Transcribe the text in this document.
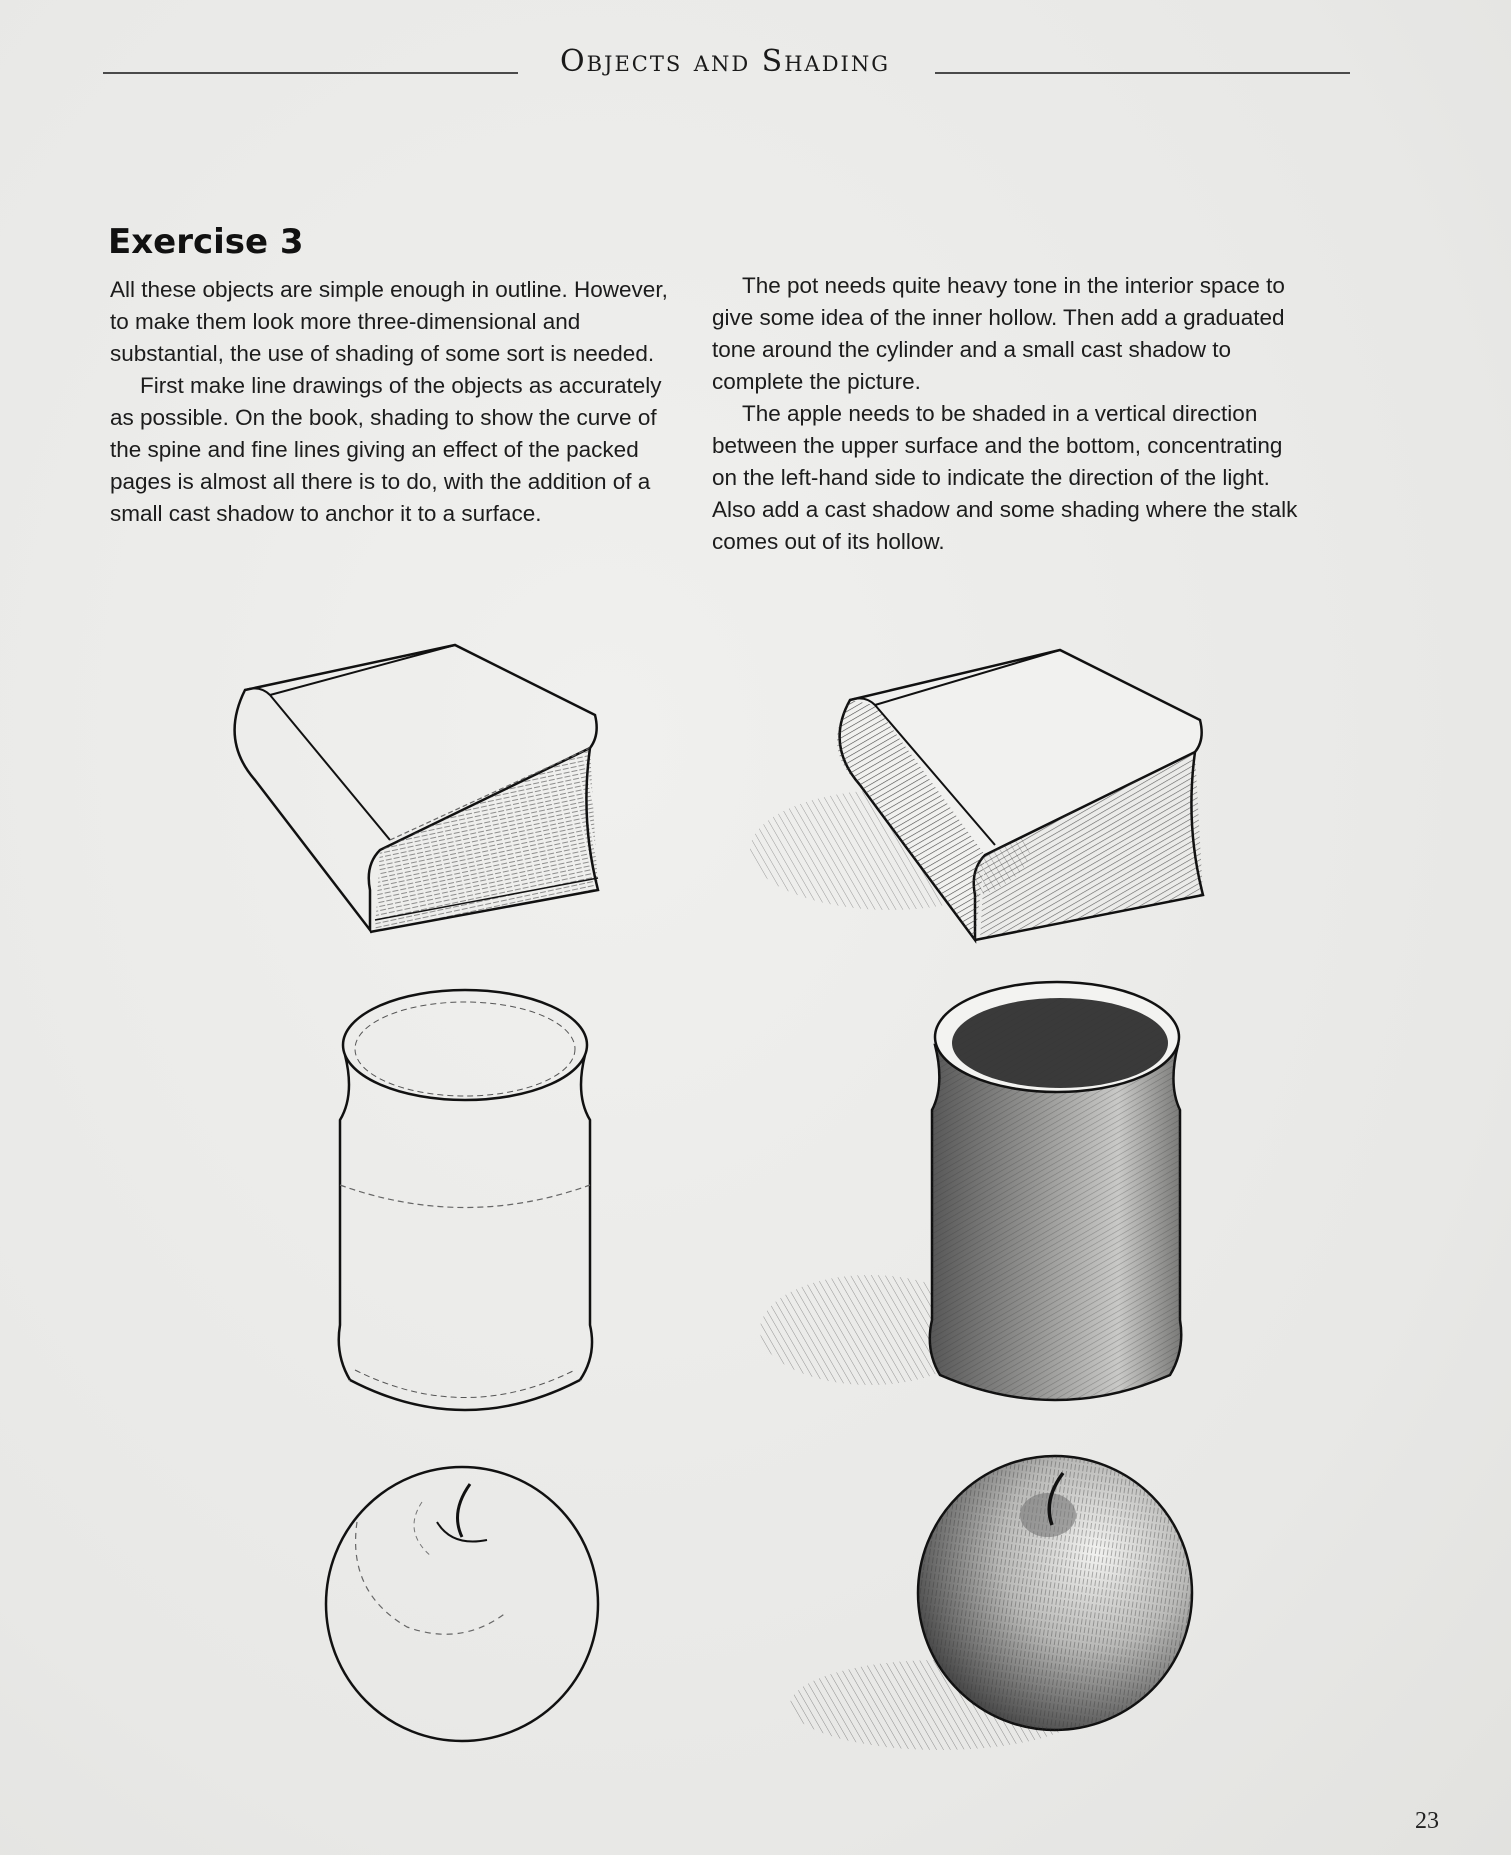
Objects and Shading
Exercise 3

All these objects are simple enough in outline. However, to make them look more three-dimensional and substantial, the use of shading of some sort is needed.

First make line drawings of the objects as accurately as possible. On the book, shading to show the curve of the spine and fine lines giving an effect of the packed pages is almost all there is to do, with the addition of a small cast shadow to anchor it to a surface.

The pot needs quite heavy tone in the interior space to give some idea of the inner hollow. Then add a graduated tone around the cylinder and a small cast shadow to complete the picture.

The apple needs to be shaded in a vertical direction between the upper surface and the bottom, concentrating on the left-hand side to indicate the direction of the light. Also add a cast shadow and some shading where the stalk comes out of its hollow.

23
